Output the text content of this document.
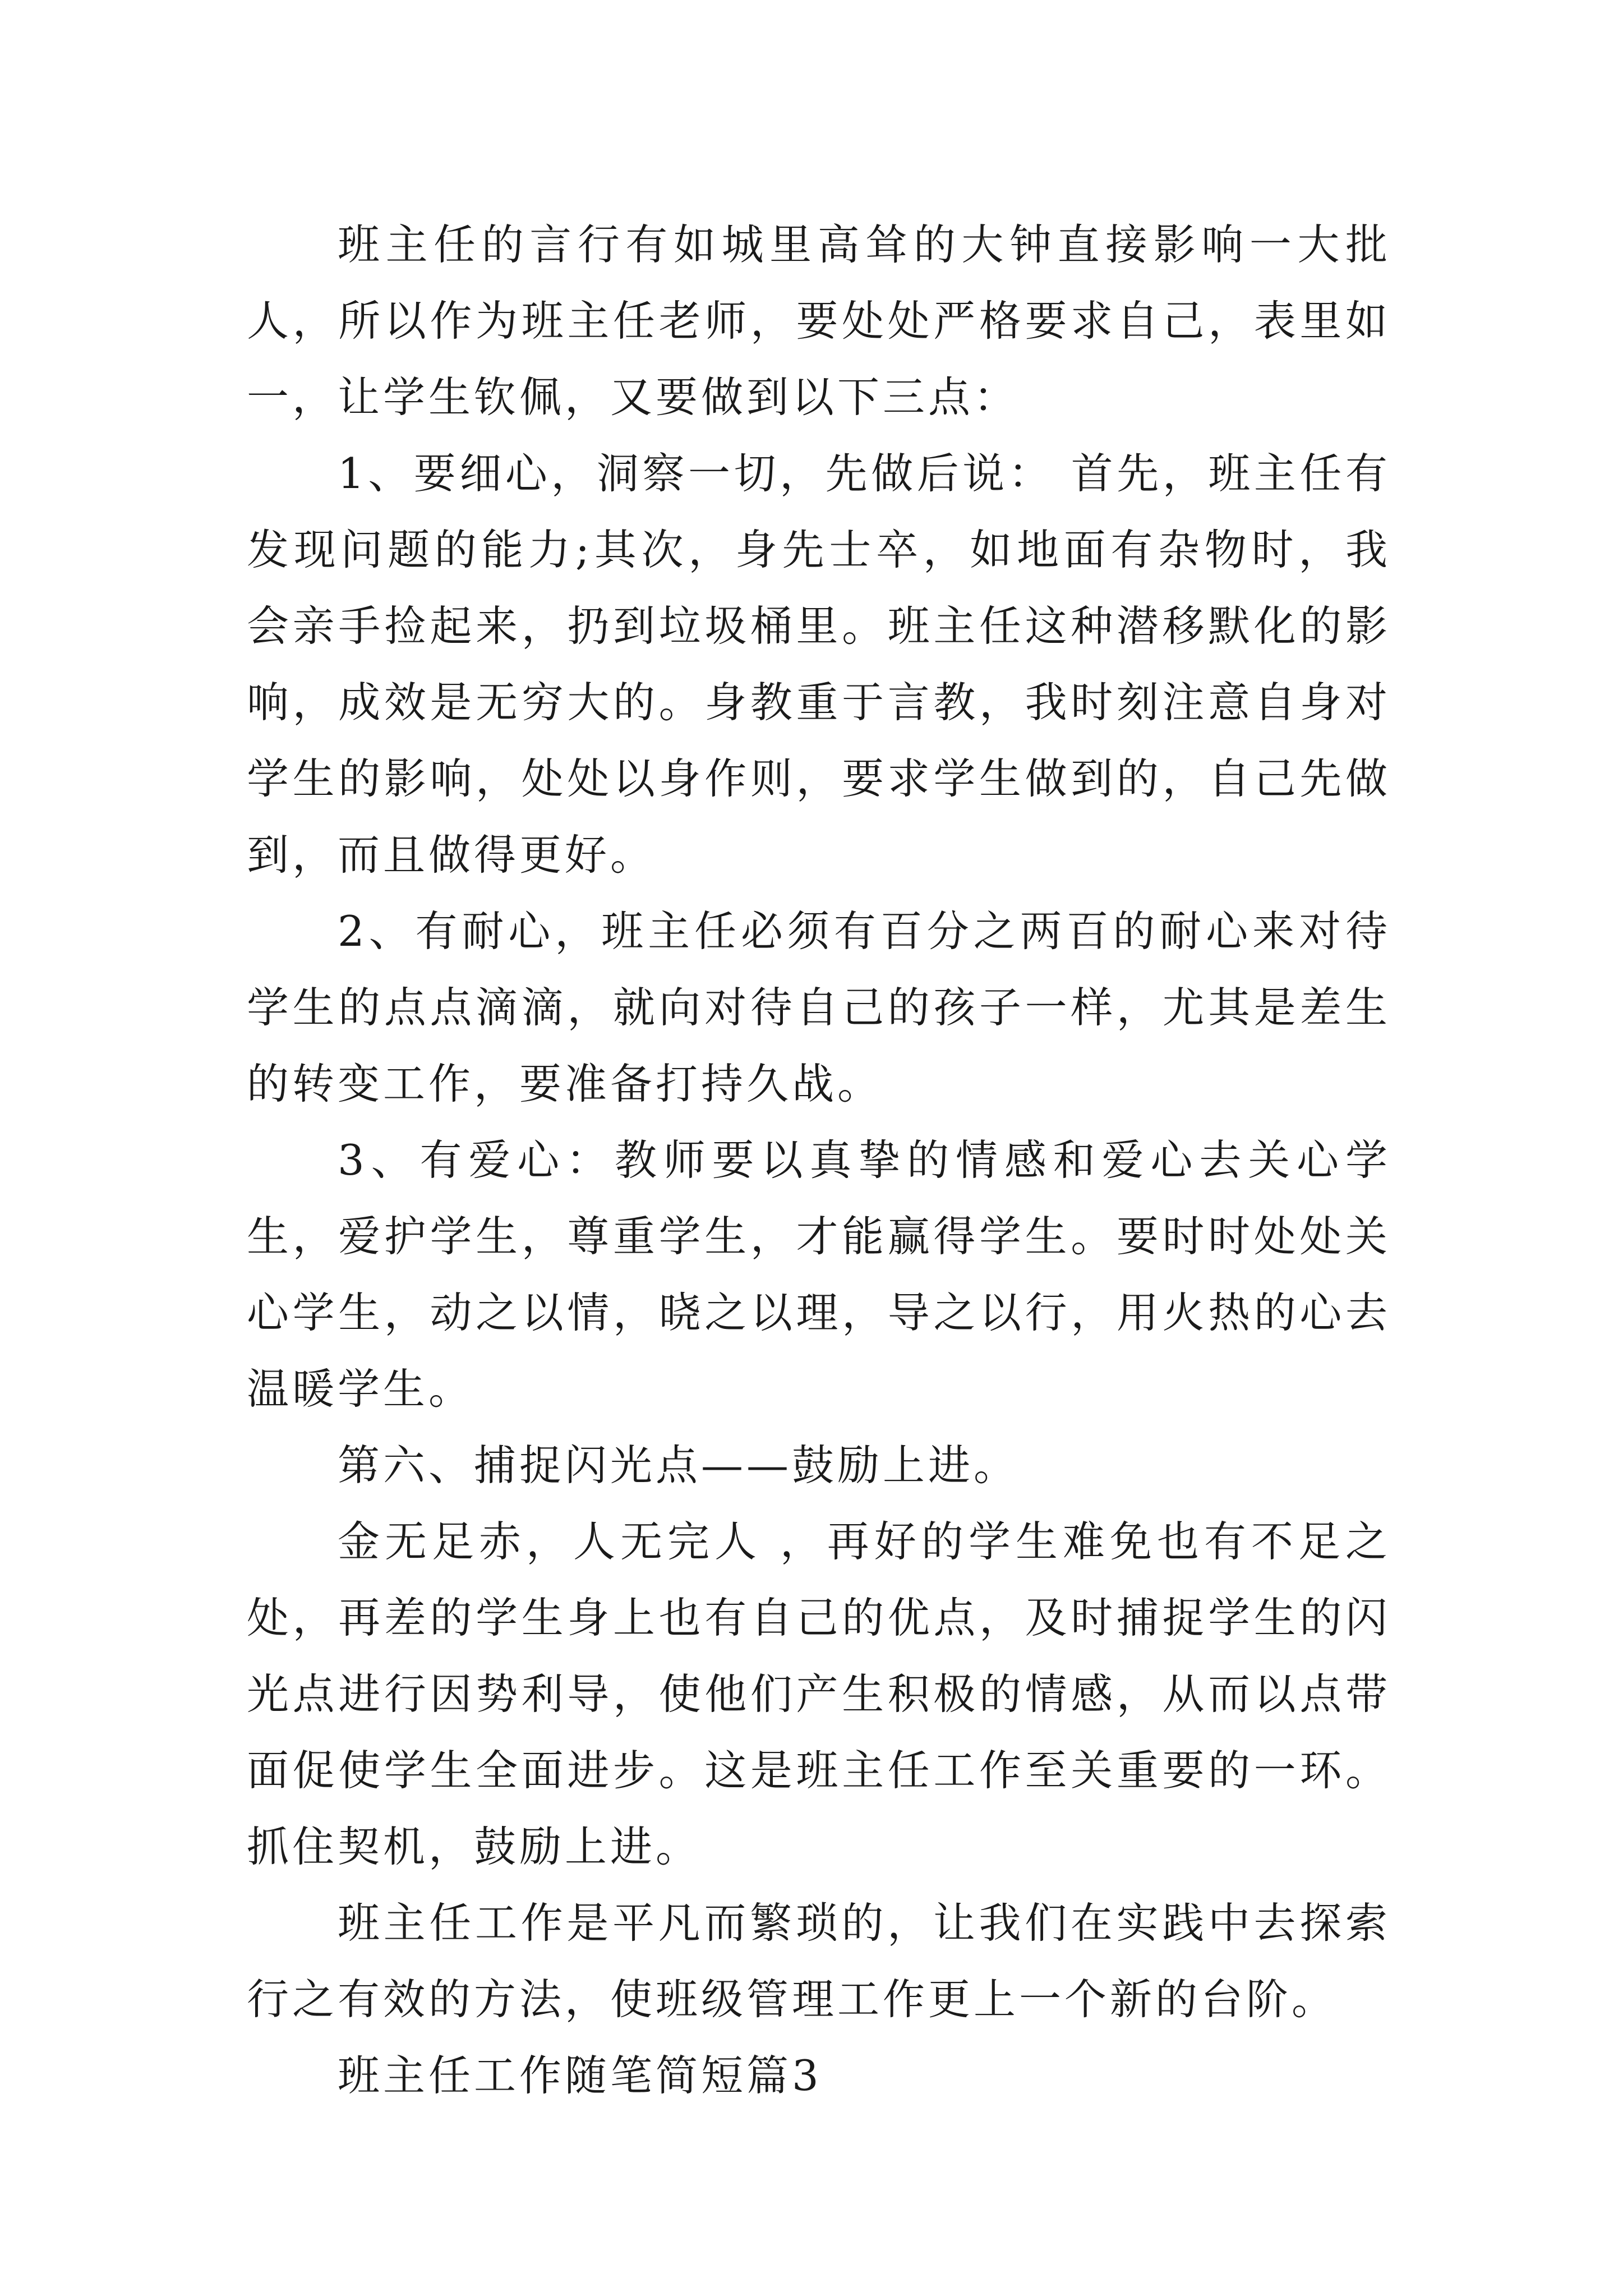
班主任的言行有如城里高耸的大钟直接影响一大批人，所以作为班主任老师，要处处严格要求自己，表里如一，让学生钦佩，又要做到以下三点：

1、要细心，洞察一切，先做后说： 首先，班主任有发现问题的能力;其次，身先士卒，如地面有杂物时，我会亲手捡起来，扔到垃圾桶里。班主任这种潜移默化的影响，成效是无穷大的。身教重于言教，我时刻注意自身对学生的影响，处处以身作则，要求学生做到的，自己先做到，而且做得更好。

2、有耐心，班主任必须有百分之两百的耐心来对待学生的点点滴滴，就向对待自己的孩子一样，尤其是差生的转变工作，要准备打持久战。

3、有爱心：教师要以真挚的情感和爱心去关心学生，爱护学生，尊重学生，才能赢得学生。要时时处处关心学生，动之以情，晓之以理，导之以行，用火热的心去温暖学生。

第六、捕捉闪光点——鼓励上进。

金无足赤，人无完人 ，再好的学生难免也有不足之处，再差的学生身上也有自己的优点，及时捕捉学生的闪光点进行因势利导，使他们产生积极的情感，从而以点带面促使学生全面进步。这是班主任工作至关重要的一环。抓住契机，鼓励上进。

班主任工作是平凡而繁琐的，让我们在实践中去探索行之有效的方法，使班级管理工作更上一个新的台阶。

班主任工作随笔简短篇3
